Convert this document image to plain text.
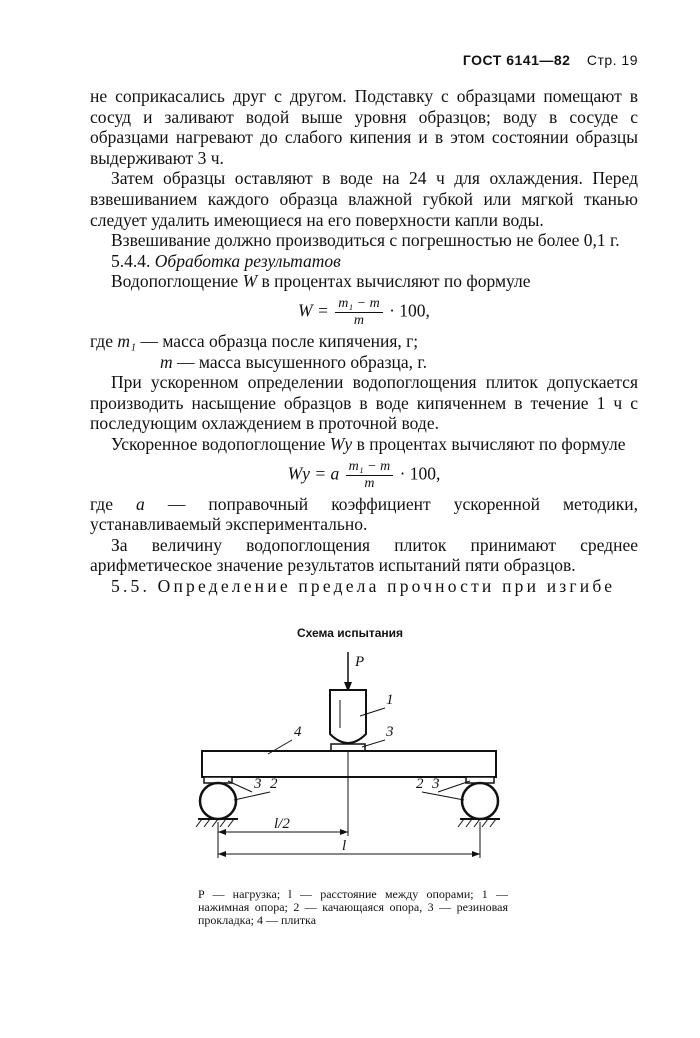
ГОСТ 6141—82 Стр. 19

не соприкасались друг с другом. Подставку с образцами помещают в сосуд и заливают водой выше уровня образцов; воду в сосуде с образцами нагревают до слабого кипения и в этом состоянии образцы выдерживают 3 ч.

Затем образцы оставляют в воде на 24 ч для охлаждения. Перед взвешиванием каждого образца влажной губкой или мягкой тканью следует удалить имеющиеся на его поверхности капли воды.

Взвешивание должно производиться с погрешностью не более 0,1 г.

5.4.4. Обработка результатов

Водопоглощение W в процентах вычисляют по формуле

$W = \frac{\text{m₁ − m}}{m} \cdot 100$,

где m₁ — масса образца после кипячения, г;

m — масса высушенного образца, г.

При ускоренном определении водопоглощения плиток допускается производить насыщение образцов в воде кипяченнем в течение 1 ч с последующим охлаждением в проточной воде.

Ускоренное водопоглощение Wу в процентах вычисляют по формуле

Wу = a $\frac{\text{m₁ − m}}{m} \cdot 100$,

где a — поправочный коэффициент ускоренной методики, устанавливаемый экспериментально.

За величину водопоглощения плиток принимают среднее арифметическое значение результатов испытаний пяти образцов.

5.5. Определение предела прочности при изгибе

Схема испытания
P
1
3
4
3 2	2 3
l/2
l

P — нагрузка; l — расстояние между опорами; 1 — нажимная опора; 2 — качающаяся опора, 3 — резиновая прокладка; 4 — плитка
